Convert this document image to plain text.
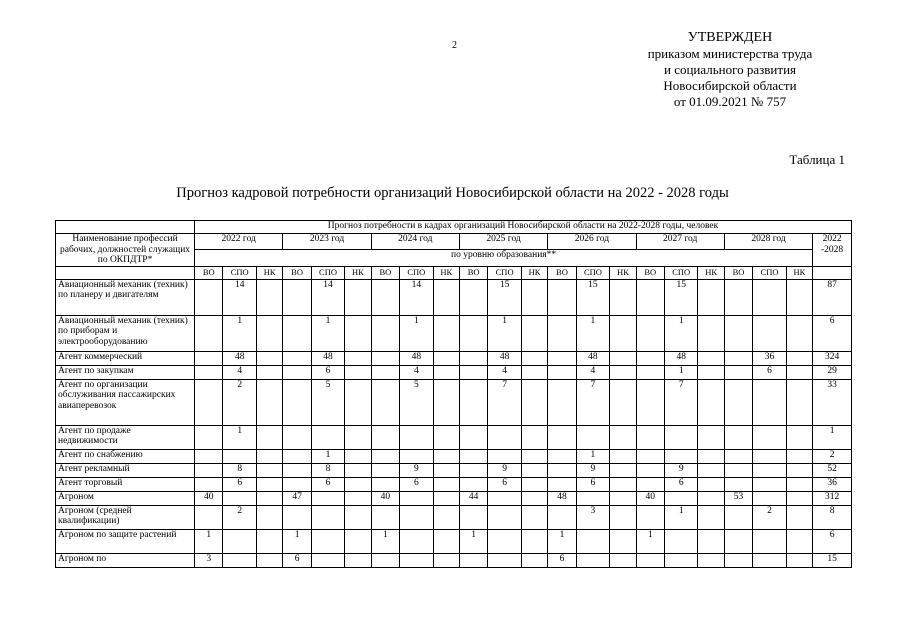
2
УТВЕРЖДЕН
приказом министерства труда
и социального развития
Новосибирской области
от 01.09.2021 № 757
Таблица 1
Прогноз кадровой потребности организаций Новосибирской области на 2022 - 2028 годы
	Прогноз потребности в кадрах организаций Новосибирской области на 2022-2028 годы, человек																					
Наименование профессий рабочих, должностей служащих по ОКПДТР*	2022 год			2023 год			2024 год			2025 год			2026 год			2027 год			2028 год			2022 -2028
	по уровню образования**																					
	ВО	СПО	НК	ВО	СПО	НК	ВО	СПО	НК	ВО	СПО	НК	ВО	СПО	НК	ВО	СПО	НК	ВО	СПО	НК	
Авиационный механик (техник) по планеру и двигателям		14			14			14			15			15			15					87
Авиационный механик (техник) по приборам и электрооборудованию		1			1			1			1			1			1					6
Агент коммерческий		48			48			48			48			48			48			36		324
Агент по закупкам		4			6			4			4			4			1			6		29
Агент по организации обслуживания пассажирских авиаперевозок		2			5			5			7			7			7					33
Агент по продаже недвижимости		1																				1
Агент по снабжению					1									1								2
Агент рекламный		8			8			9			9			9			9					52
Агент торговый		6			6			6			6			6			6					36
Агроном	40			47			40			44			48			40			53			312
Агроном (средней квалификации)		2												3			1			2		8
Агроном по защите растений	1			1			1			1			1			1						6
Агроном по	3			6									6									15
